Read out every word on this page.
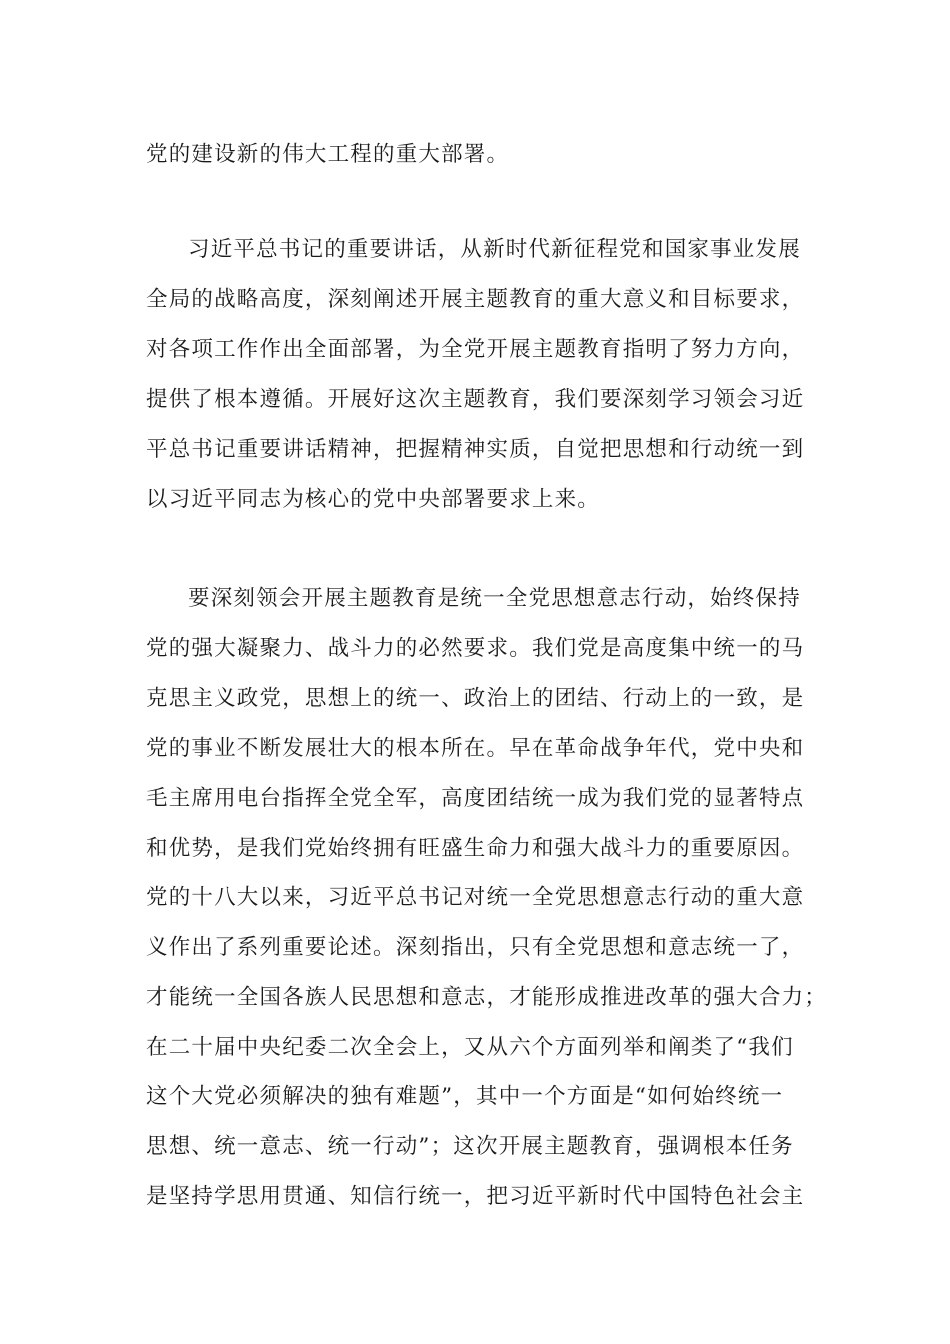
党的建设新的伟大工程的重大部署。
习近平总书记的重要讲话，从新时代新征程党和国家事业发展
全局的战略高度，深刻阐述开展主题教育的重大意义和目标要求，
对各项工作作出全面部署，为全党开展主题教育指明了努力方向，
提供了根本遵循。开展好这次主题教育，我们要深刻学习领会习近
平总书记重要讲话精神，把握精神实质，自觉把思想和行动统一到
以习近平同志为核心的党中央部署要求上来。
要深刻领会开展主题教育是统一全党思想意志行动，始终保持
党的强大凝聚力、战斗力的必然要求。我们党是高度集中统一的马
克思主义政党，思想上的统一、政治上的团结、行动上的一致，是
党的事业不断发展壮大的根本所在。早在革命战争年代，党中央和
毛主席用电台指挥全党全军，高度团结统一成为我们党的显著特点
和优势，是我们党始终拥有旺盛生命力和强大战斗力的重要原因。
党的十八大以来，习近平总书记对统一全党思想意志行动的重大意
义作出了系列重要论述。深刻指出，只有全党思想和意志统一了，
才能统一全国各族人民思想和意志，才能形成推进改革的强大合力；
在二十届中央纪委二次全会上，又从六个方面列举和阐类了“我们
这个大党必须解决的独有难题”，其中一个方面是“如何始终统一
思想、统一意志、统一行动”；这次开展主题教育，强调根本任务
是坚持学思用贯通、知信行统一，把习近平新时代中国特色社会主
